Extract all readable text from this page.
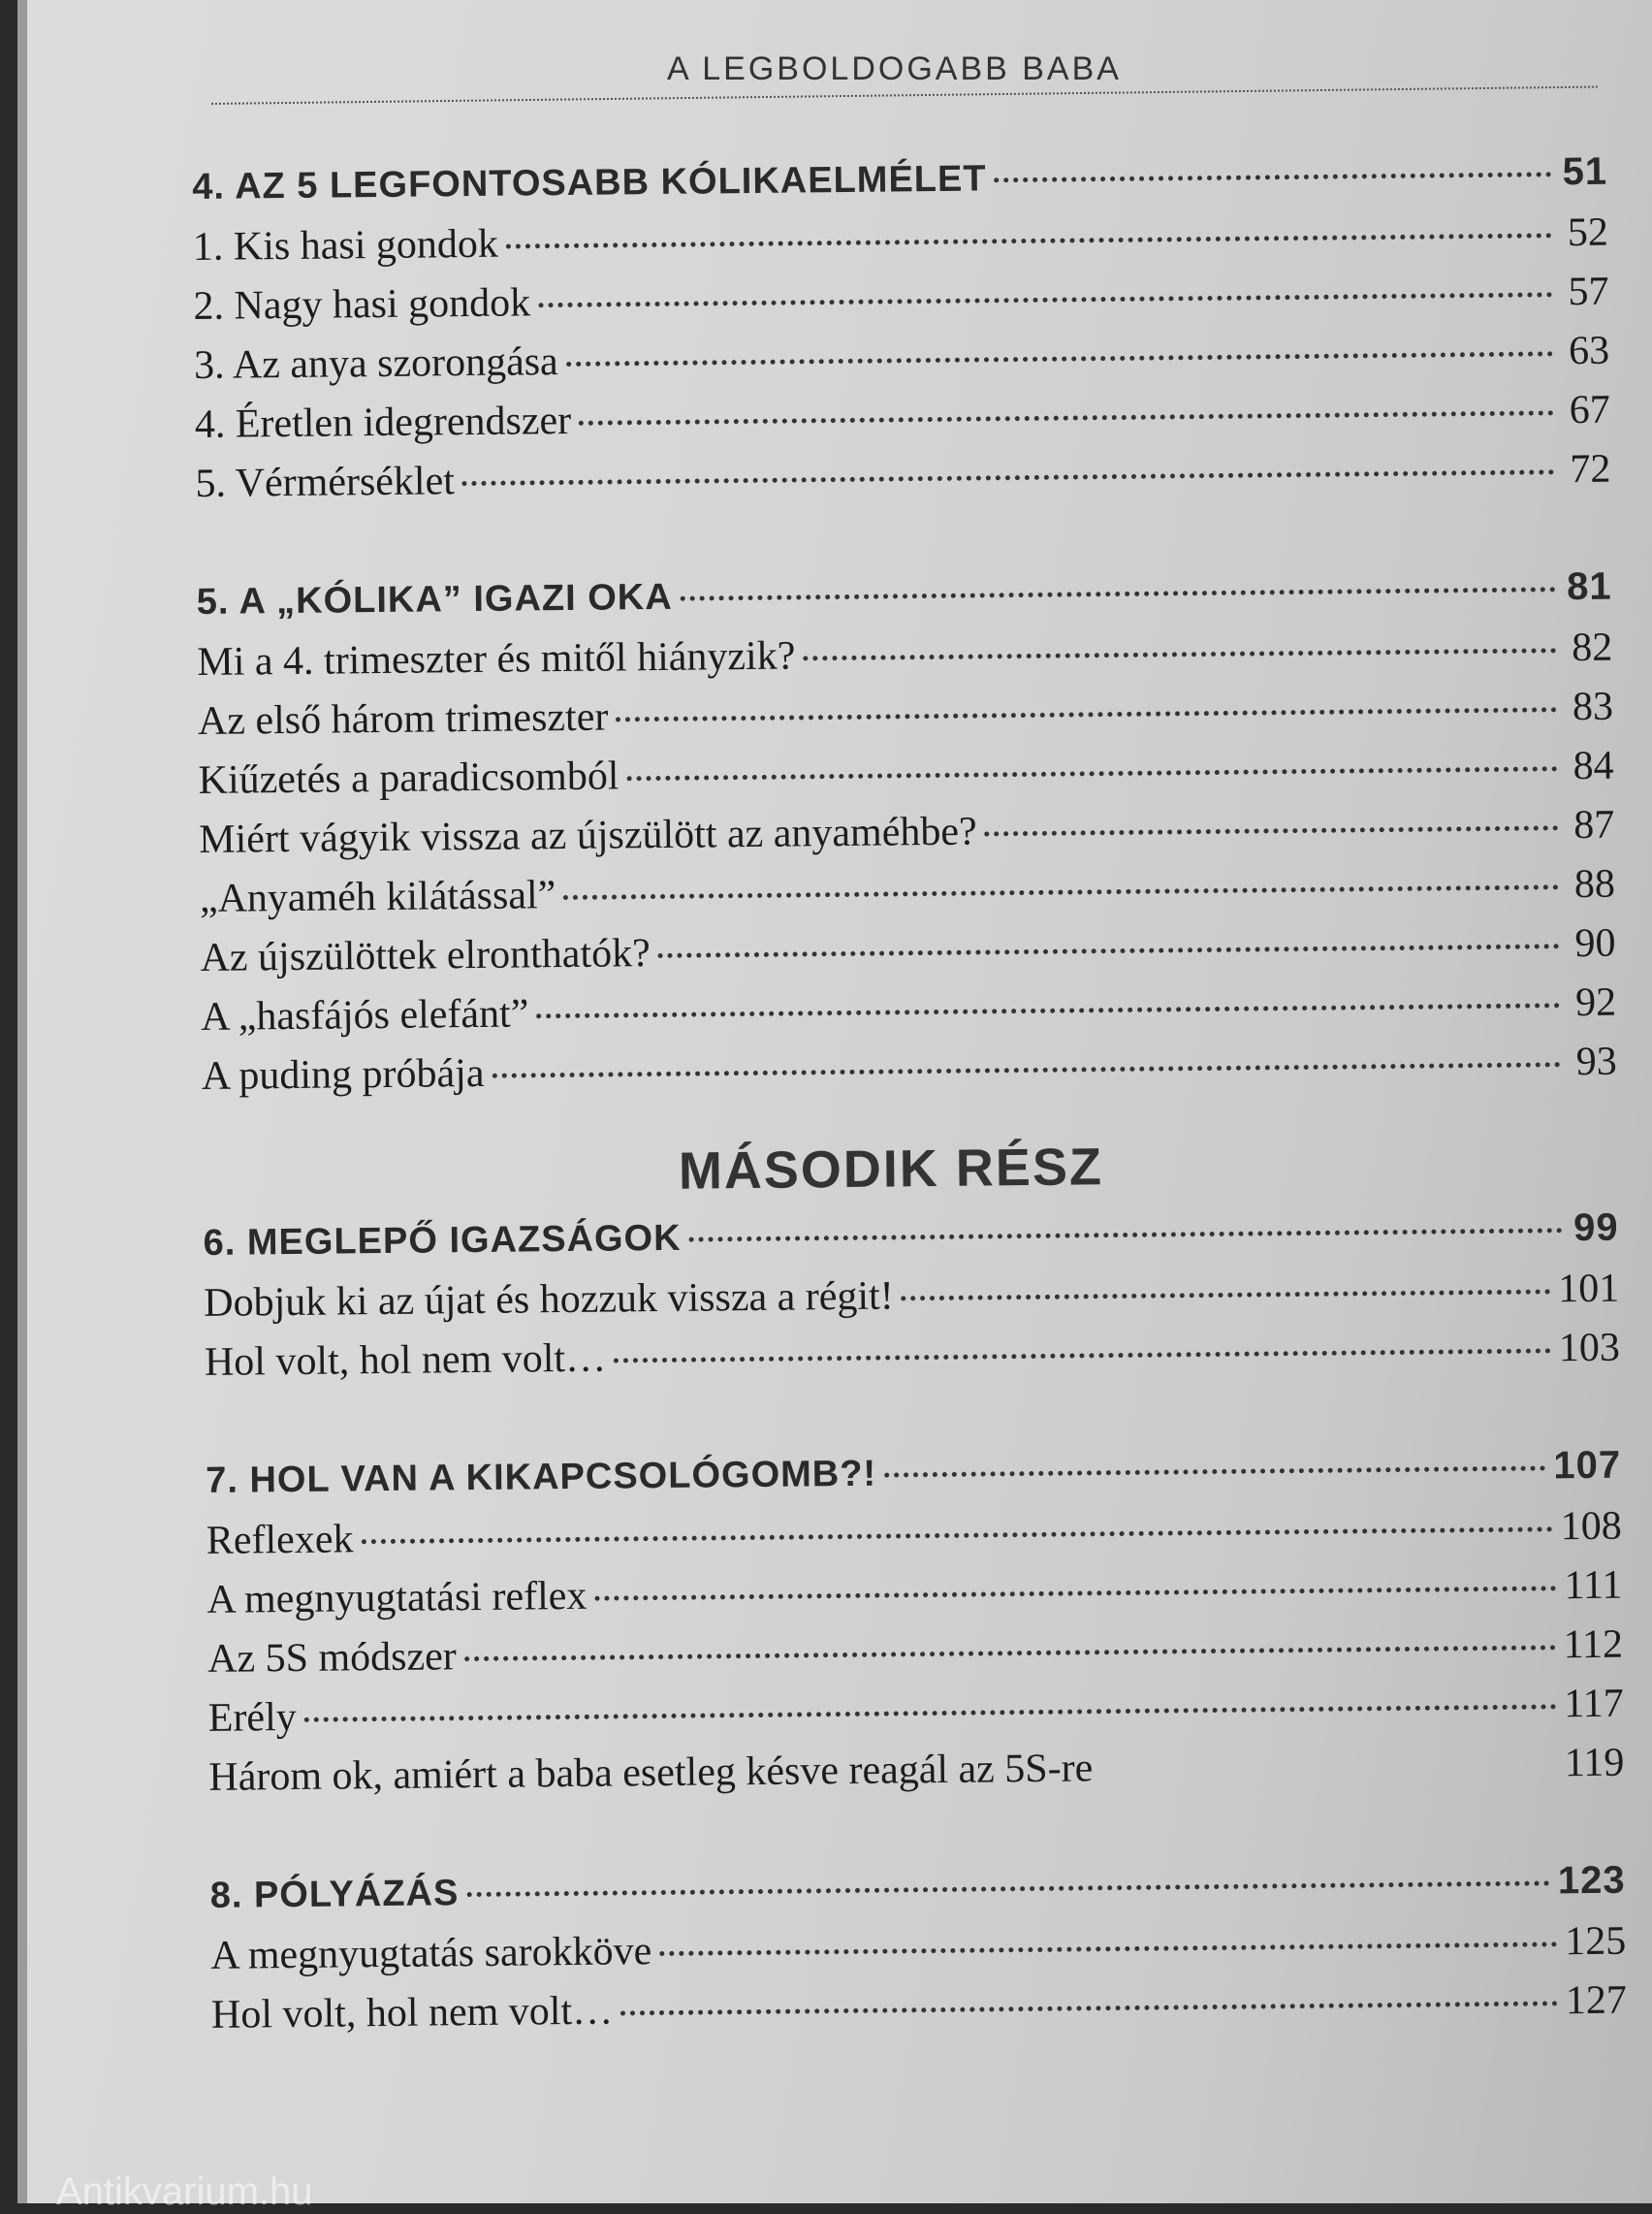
A LEGBOLDOGABB BABA
4. AZ 5 LEGFONTOSABB KÓLIKAELMÉLET	51
1. Kis hasi gondok	52
2. Nagy hasi gondok	57
3. Az anya szorongása	63
4. Éretlen idegrendszer	67
5. Vérmérséklet	72
5. A „KÓLIKA” IGAZI OKA	81
Mi a 4. trimeszter és mitől hiányzik?	82
Az első három trimeszter	83
Kiűzetés a paradicsomból	84
Miért vágyik vissza az újszülött az anyaméhbe?	87
„Anyaméh kilátással”	88
Az újszülöttek elronthatók?	90
A „hasfájós elefánt”	92
A puding próbája	93
MÁSODIK RÉSZ
6. MEGLEPŐ IGAZSÁGOK	99
Dobjuk ki az újat és hozzuk vissza a régit!	101
Hol volt, hol nem volt…	103
7. HOL VAN A KIKAPCSOLÓGOMB?!	107
Reflexek	108
A megnyugtatási reflex	111
Az 5S módszer	112
Erély	117
Három ok, amiért a baba esetleg késve reagál az 5S-re	119
8. PÓLYÁZÁS	123
A megnyugtatás sarokköve	125
Hol volt, hol nem volt…	127
Antikvarium.hu
